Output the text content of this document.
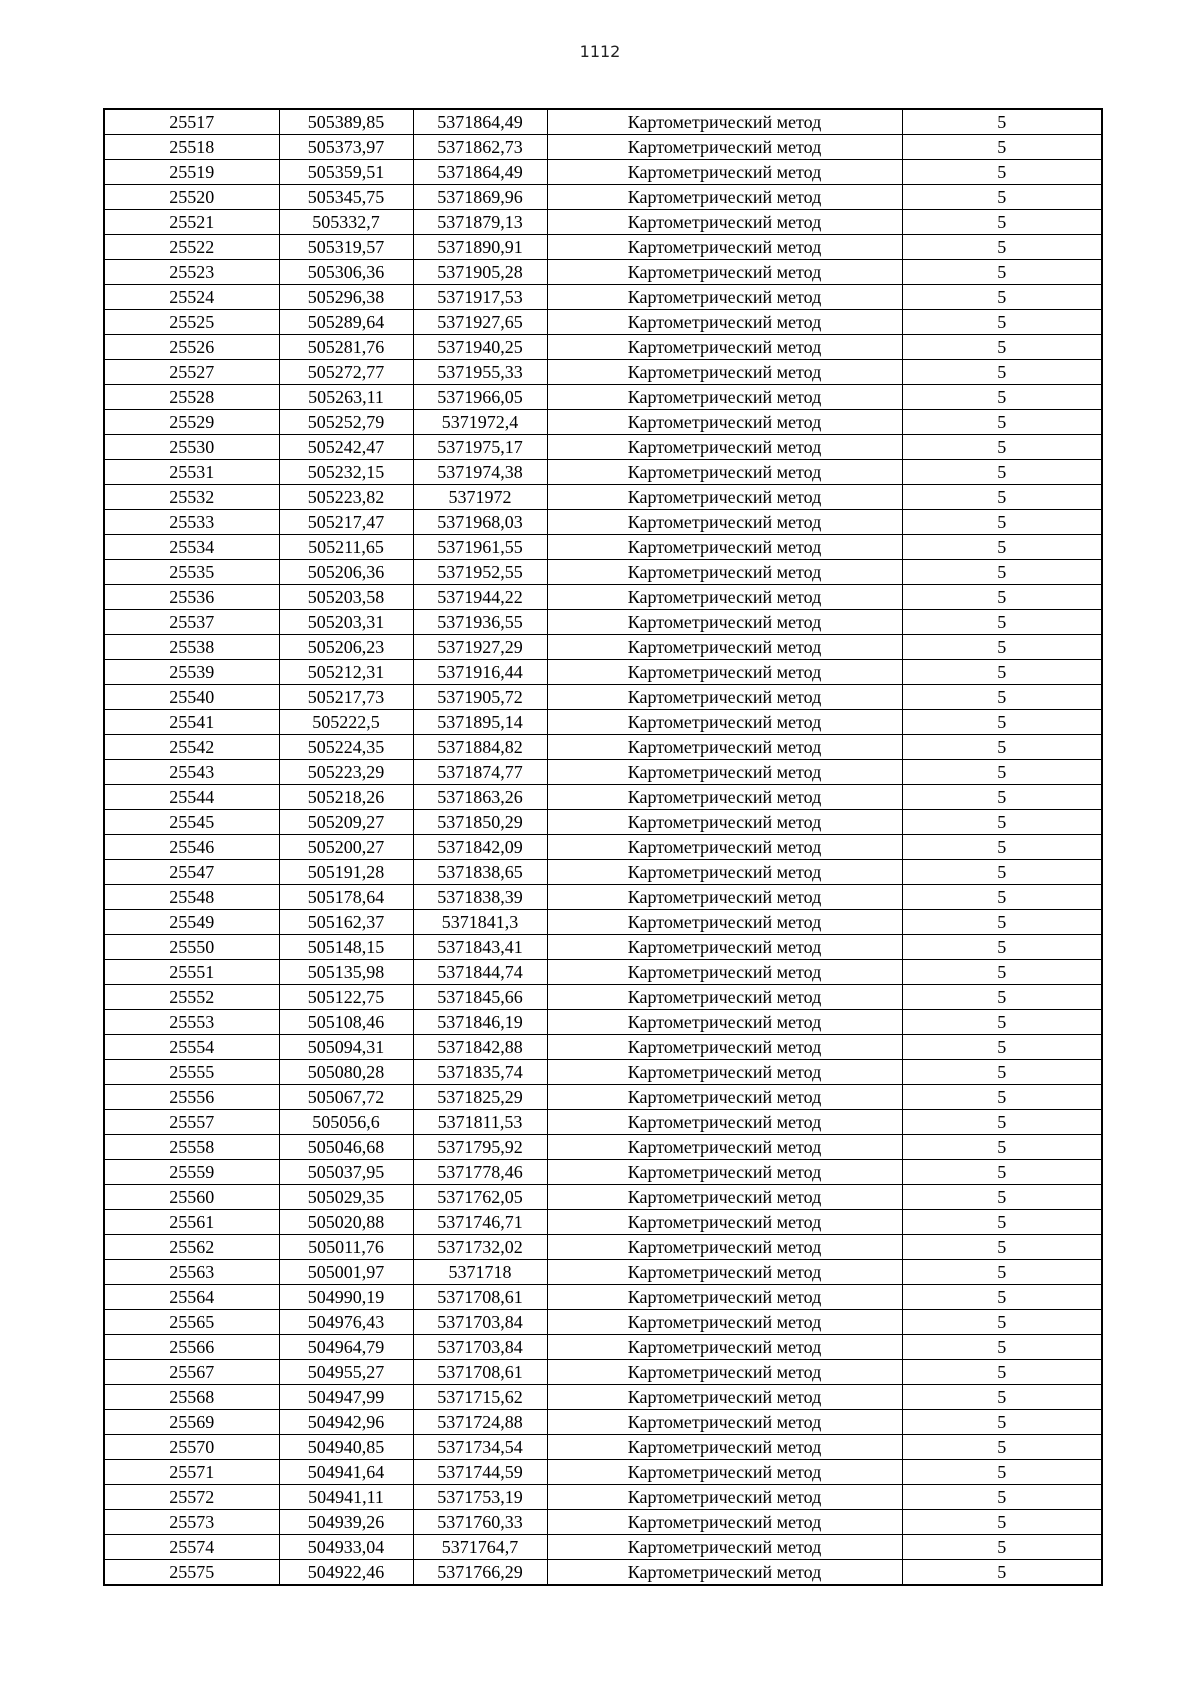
1112
25517	505389,85	5371864,49	Картометрический метод	5
25518	505373,97	5371862,73	Картометрический метод	5
25519	505359,51	5371864,49	Картометрический метод	5
25520	505345,75	5371869,96	Картометрический метод	5
25521	505332,7	5371879,13	Картометрический метод	5
25522	505319,57	5371890,91	Картометрический метод	5
25523	505306,36	5371905,28	Картометрический метод	5
25524	505296,38	5371917,53	Картометрический метод	5
25525	505289,64	5371927,65	Картометрический метод	5
25526	505281,76	5371940,25	Картометрический метод	5
25527	505272,77	5371955,33	Картометрический метод	5
25528	505263,11	5371966,05	Картометрический метод	5
25529	505252,79	5371972,4	Картометрический метод	5
25530	505242,47	5371975,17	Картометрический метод	5
25531	505232,15	5371974,38	Картометрический метод	5
25532	505223,82	5371972	Картометрический метод	5
25533	505217,47	5371968,03	Картометрический метод	5
25534	505211,65	5371961,55	Картометрический метод	5
25535	505206,36	5371952,55	Картометрический метод	5
25536	505203,58	5371944,22	Картометрический метод	5
25537	505203,31	5371936,55	Картометрический метод	5
25538	505206,23	5371927,29	Картометрический метод	5
25539	505212,31	5371916,44	Картометрический метод	5
25540	505217,73	5371905,72	Картометрический метод	5
25541	505222,5	5371895,14	Картометрический метод	5
25542	505224,35	5371884,82	Картометрический метод	5
25543	505223,29	5371874,77	Картометрический метод	5
25544	505218,26	5371863,26	Картометрический метод	5
25545	505209,27	5371850,29	Картометрический метод	5
25546	505200,27	5371842,09	Картометрический метод	5
25547	505191,28	5371838,65	Картометрический метод	5
25548	505178,64	5371838,39	Картометрический метод	5
25549	505162,37	5371841,3	Картометрический метод	5
25550	505148,15	5371843,41	Картометрический метод	5
25551	505135,98	5371844,74	Картометрический метод	5
25552	505122,75	5371845,66	Картометрический метод	5
25553	505108,46	5371846,19	Картометрический метод	5
25554	505094,31	5371842,88	Картометрический метод	5
25555	505080,28	5371835,74	Картометрический метод	5
25556	505067,72	5371825,29	Картометрический метод	5
25557	505056,6	5371811,53	Картометрический метод	5
25558	505046,68	5371795,92	Картометрический метод	5
25559	505037,95	5371778,46	Картометрический метод	5
25560	505029,35	5371762,05	Картометрический метод	5
25561	505020,88	5371746,71	Картометрический метод	5
25562	505011,76	5371732,02	Картометрический метод	5
25563	505001,97	5371718	Картометрический метод	5
25564	504990,19	5371708,61	Картометрический метод	5
25565	504976,43	5371703,84	Картометрический метод	5
25566	504964,79	5371703,84	Картометрический метод	5
25567	504955,27	5371708,61	Картометрический метод	5
25568	504947,99	5371715,62	Картометрический метод	5
25569	504942,96	5371724,88	Картометрический метод	5
25570	504940,85	5371734,54	Картометрический метод	5
25571	504941,64	5371744,59	Картометрический метод	5
25572	504941,11	5371753,19	Картометрический метод	5
25573	504939,26	5371760,33	Картометрический метод	5
25574	504933,04	5371764,7	Картометрический метод	5
25575	504922,46	5371766,29	Картометрический метод	5
